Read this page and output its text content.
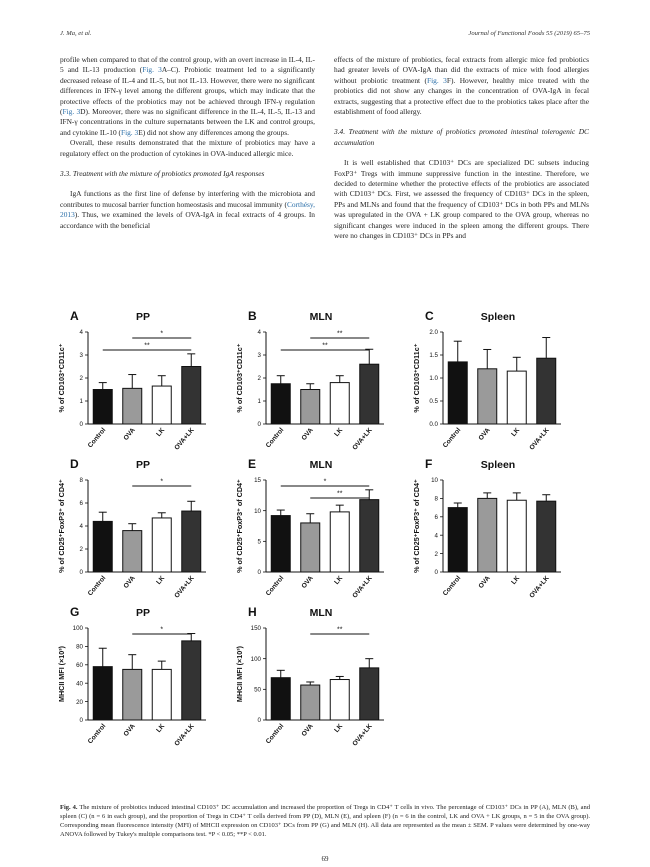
J. Ma, et al.	Journal of Functional Foods 55 (2019) 65–75

profile when compared to that of the control group, with an overt increase in IL-4, IL-5 and IL-13 production (Fig. 3A–C). Probiotic treatment led to a significantly decreased release of IL-4 and IL-5, but not IL-13. However, there were no significant differences in IFN-γ level among the different groups, which may indicate that the protective effects of the probiotics may not be achieved through IFN-γ regulation (Fig. 3D). Moreover, there was no significant difference in the IL-4, IL-5, IL-13 and IFN-γ concentrations in the culture supernatants between the LK and control groups, and cytokine IL-10 (Fig. 3E) did not show any differences among the groups.

Overall, these results demonstrated that the mixture of probiotics may have a regulatory effect on the production of cytokines in OVA-induced allergic mice.

3.3. Treatment with the mixture of probiotics promoted IgA responses

IgA functions as the first line of defense by interfering with the microbiota and contributes to mucosal barrier function homeostasis and mucosal immunity (Corthésy, 2013). Thus, we examined the levels of OVA-IgA in fecal extracts of 4 groups. In accordance with the beneficial

effects of the mixture of probiotics, fecal extracts from allergic mice fed probiotics had greater levels of OVA-IgA than did the extracts of mice with food allergies without probiotic treatment (Fig. 3F). However, healthy mice treated with the probiotics did not show any changes in the concentration of OVA-IgA in fecal extracts, suggesting that a protective effect due to the probiotics takes place after the establishment of food allergy.

3.4. Treatment with the mixture of probiotics promoted intestinal tolerogenic DC accumulation

It is well established that CD103⁺ DCs are specialized DC subsets inducing FoxP3⁺ Tregs with immune suppressive function in the intestine. Therefore, we decided to determine whether the protective effects of the probiotics are associated with CD103⁺ DCs. First, we assessed the frequency of CD103⁺ DCs in the spleen, PPs and MLNs and found that the frequency of CD103⁺ DCs in both PPs and MLNs was upregulated in the OVA + LK group compared to the OVA group, whereas no significant changes were induced in the spleen among the different groups. There were no changes in CD103⁺ DCs in PPs and

A	PP
0
1
2
3
4
% of CD103⁺CD11c⁺
Control OVA	LK OVA+LK
*
**
B	MLN
0
1
2
3
4
% of CD103⁺CD11c⁺
Control OVA	LK OVA+LK
**
**
C	Spleen
0.0
0.5
1.0
1.5
2.0
% of CD103⁺CD11c⁺
Control OVA	LK OVA+LK
D	PP
0
2
4
6
8
% of CD25⁺FoxP3⁺ of CD4⁺
Control OVA	LK OVA+LK
*
E	MLN
0
5
10
15
% of CD25⁺FoxP3⁺ of CD4⁺
Control OVA	LK OVA+LK
*
**
F	Spleen
0
2
4
6
8
10
% of CD25⁺FoxP3⁺ of CD4⁺
Control OVA	LK OVA+LK
G	PP
0
20
40
60
80
100
MHCII MFI (×10³)
Control OVA	LK OVA+LK
*
H	MLN
0
50
100
150
MHCII MFI (×10³)
Control OVA	LK OVA+LK
**
Fig. 4. The mixture of probiotics induced intestinal CD103⁺ DC accumulation and increased the proportion of Tregs in CD4⁺ T cells in vivo. The percentage of CD103⁺ DCs in PP (A), MLN (B), and spleen (C) (n = 6 in each group), and the proportion of Tregs in CD4⁺ T cells derived from PP (D), MLN (E), and spleen (F) (n = 6 in the control, LK and OVA + LK groups, n = 5 in the OVA group). Corresponding mean fluorescence intensity (MFI) of MHCII expression on CD103⁺ DCs from PP (G) and MLN (H). All data are represented as the mean ± SEM. P values were determined by one-way ANOVA followed by Tukey's multiple comparisons test. *P < 0.05; **P < 0.01.
69
